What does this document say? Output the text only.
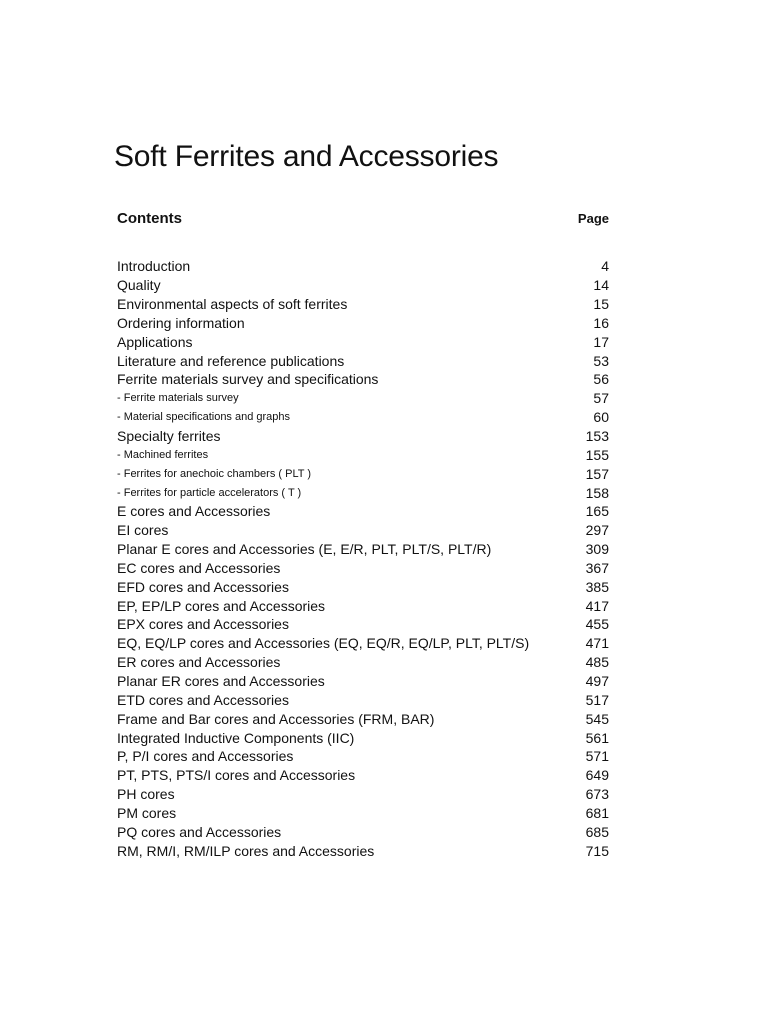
Soft Ferrites and Accessories
Contents	Page
Introduction	4
Quality	14
Environmental aspects of soft ferrites	15
Ordering information	16
Applications	17
Literature and reference publications	53
Ferrite materials survey and specifications	56
- Ferrite materials survey	57
- Material specifications and graphs	60
Specialty ferrites	153
- Machined ferrites	155
- Ferrites for anechoic chambers ( PLT )	157
- Ferrites for particle accelerators ( T )	158
E cores and Accessories	165
EI cores	297
Planar E cores and Accessories (E, E/R, PLT, PLT/S, PLT/R)	309
EC cores and Accessories	367
EFD cores and Accessories	385
EP, EP/LP cores and Accessories	417
EPX cores and Accessories	455
EQ, EQ/LP cores and Accessories (EQ, EQ/R, EQ/LP, PLT, PLT/S)	471
ER cores and Accessories	485
Planar ER cores and Accessories	497
ETD cores and Accessories	517
Frame and Bar cores and Accessories (FRM, BAR)	545
Integrated Inductive Components (IIC)	561
P, P/I cores and Accessories	571
PT, PTS, PTS/I cores and Accessories	649
PH cores	673
PM cores	681
PQ cores and Accessories	685
RM, RM/I, RM/ILP cores and Accessories	715
